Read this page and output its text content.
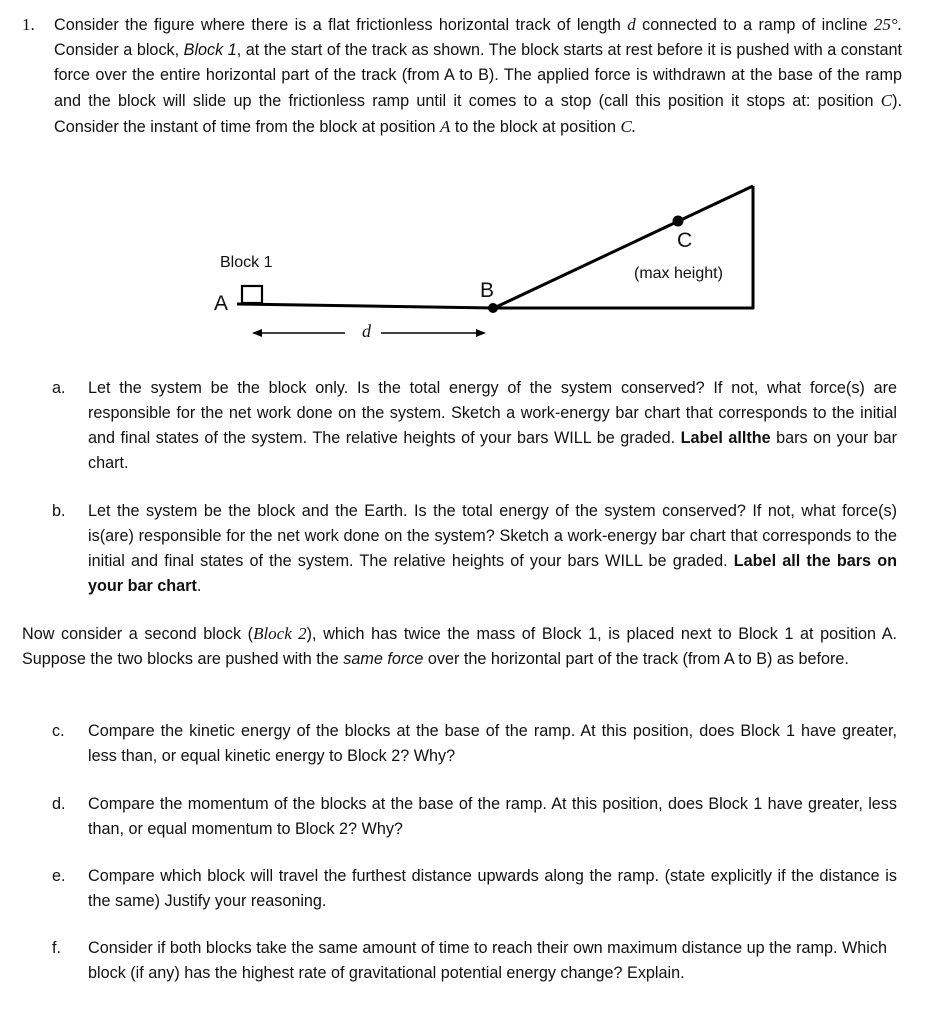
1. Consider the figure where there is a flat frictionless horizontal track of length d connected to a ramp of incline 25°. Consider a block, Block 1, at the start of the track as shown. The block starts at rest before it is pushed with a constant force over the entire horizontal part of the track (from A to B). The applied force is withdrawn at the base of the ramp and the block will slide up the frictionless ramp until it comes to a stop (call this position it stops at: position C). Consider the instant of time from the block at position A to the block at position C.
Block 1
A
B
C
(max height)
d
a. Let the system be the block only. Is the total energy of the system conserved? If not, what force(s) are responsible for the net work done on the system. Sketch a work-energy bar chart that corresponds to the initial and final states of the system. The relative heights of your bars WILL be graded. Label allthe bars on your bar chart.
b. Let the system be the block and the Earth. Is the total energy of the system conserved? If not, what force(s) is(are) responsible for the net work done on the system? Sketch a work-energy bar chart that corresponds to the initial and final states of the system. The relative heights of your bars WILL be graded. Label all the bars on your bar chart.
Now consider a second block (Block 2), which has twice the mass of Block 1, is placed next to Block 1 at position A. Suppose the two blocks are pushed with the same force over the horizontal part of the track (from A to B) as before.
c. Compare the kinetic energy of the blocks at the base of the ramp. At this position, does Block 1 have greater, less than, or equal kinetic energy to Block 2? Why?
d. Compare the momentum of the blocks at the base of the ramp. At this position, does Block 1 have greater, less than, or equal momentum to Block 2? Why?
e. Compare which block will travel the furthest distance upwards along the ramp. (state explicitly if the distance is the same) Justify your reasoning.
f. Consider if both blocks take the same amount of time to reach their own maximum distance up the ramp. Which block (if any) has the highest rate of gravitational potential energy change? Explain.
